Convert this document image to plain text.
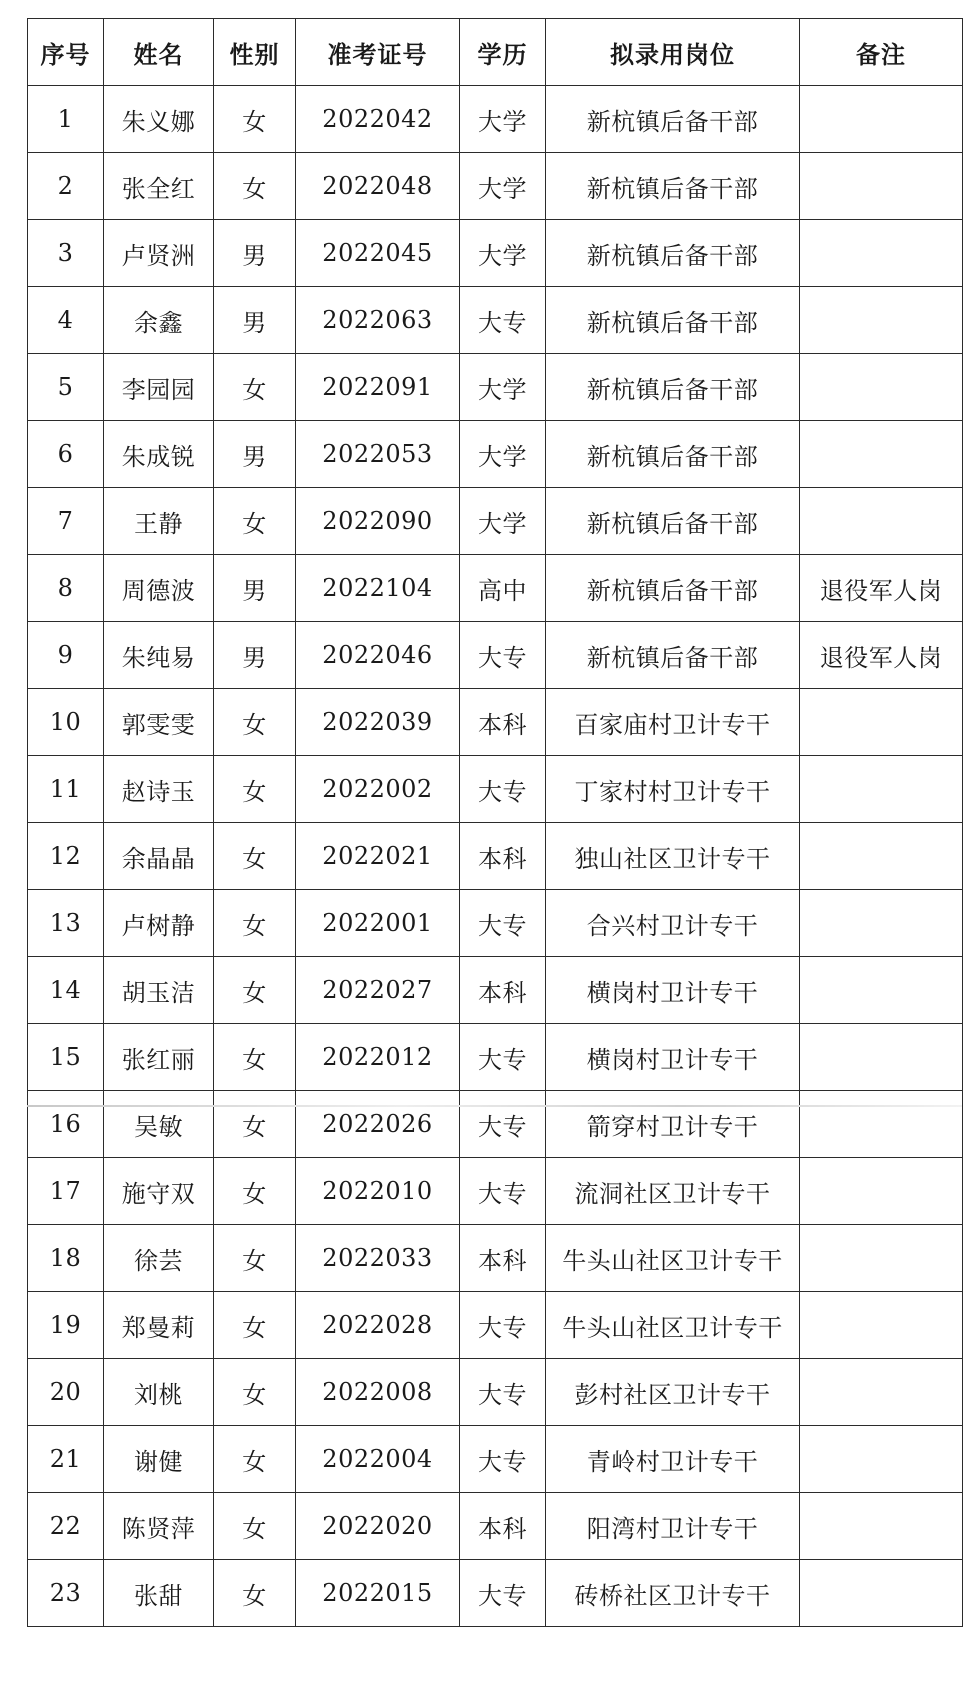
序号	姓名	性别	准考证号	学历	拟录用岗位	备注
1	朱义娜	女	2022042	大学	新杭镇后备干部	
2	张全红	女	2022048	大学	新杭镇后备干部	
3	卢贤洲	男	2022045	大学	新杭镇后备干部	
4	余鑫	男	2022063	大专	新杭镇后备干部	
5	李园园	女	2022091	大学	新杭镇后备干部	
6	朱成锐	男	2022053	大学	新杭镇后备干部	
7	王静	女	2022090	大学	新杭镇后备干部	
8	周德波	男	2022104	高中	新杭镇后备干部	退役军人岗
9	朱纯易	男	2022046	大专	新杭镇后备干部	退役军人岗
10	郭雯雯	女	2022039	本科	百家庙村卫计专干	
11	赵诗玉	女	2022002	大专	丁家村村卫计专干	
12	余晶晶	女	2022021	本科	独山社区卫计专干	
13	卢树静	女	2022001	大专	合兴村卫计专干	
14	胡玉洁	女	2022027	本科	横岗村卫计专干	
15	张红丽	女	2022012	大专	横岗村卫计专干	
16	吴敏	女	2022026	大专	箭穿村卫计专干	
17	施守双	女	2022010	大专	流洞社区卫计专干	
18	徐芸	女	2022033	本科	牛头山社区卫计专干	
19	郑曼莉	女	2022028	大专	牛头山社区卫计专干	
20	刘桃	女	2022008	大专	彭村社区卫计专干	
21	谢健	女	2022004	大专	青岭村卫计专干	
22	陈贤萍	女	2022020	本科	阳湾村卫计专干	
23	张甜	女	2022015	大专	砖桥社区卫计专干	
